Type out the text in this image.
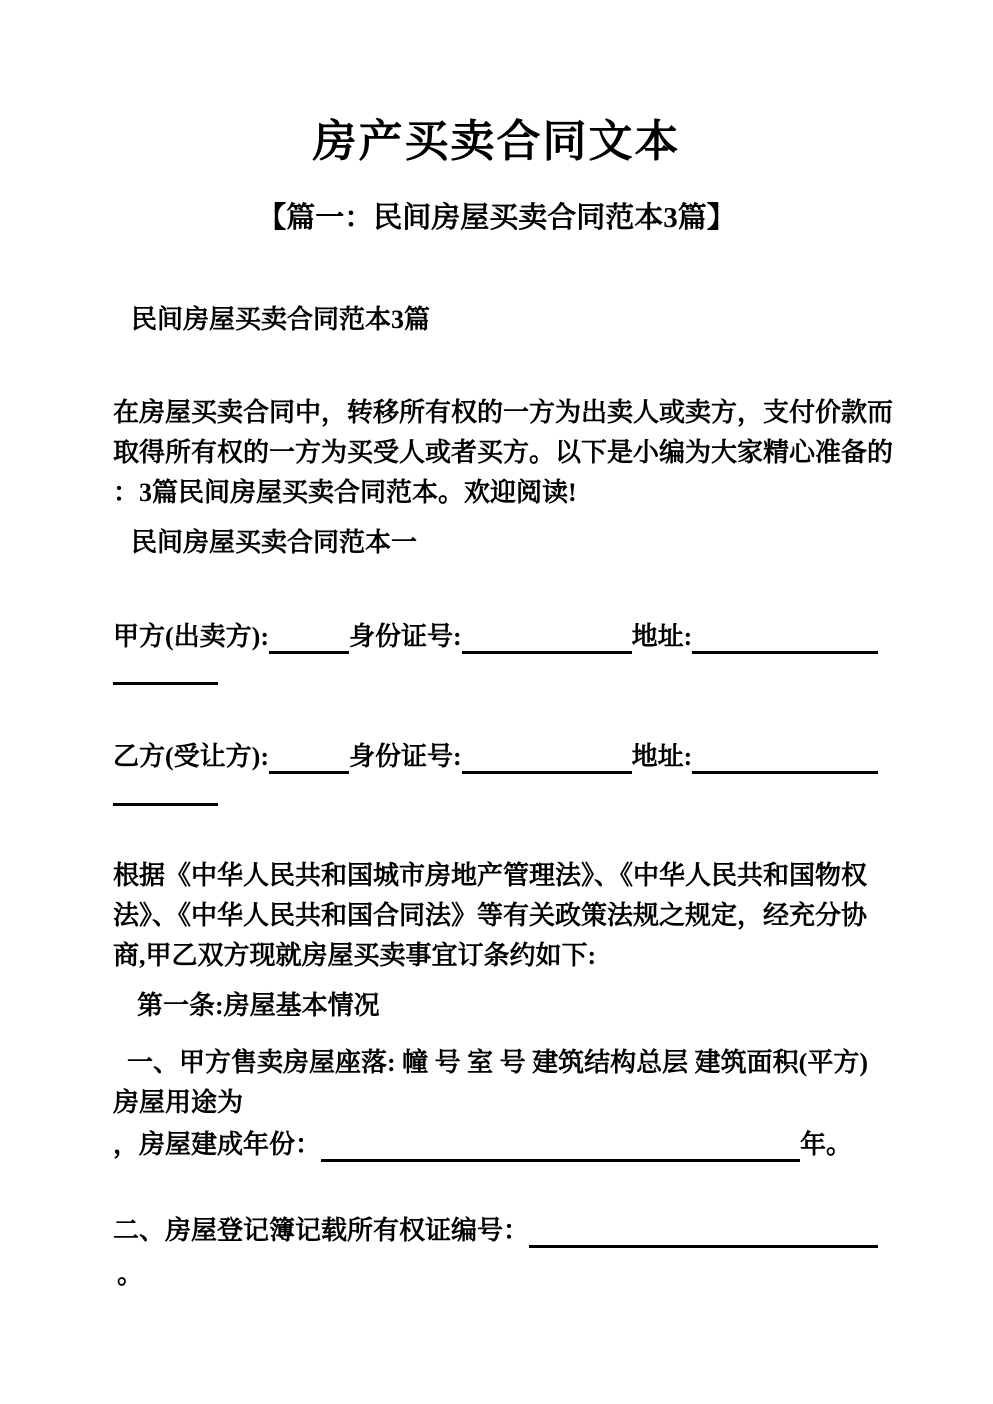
房产买卖合同文本
【篇一：民间房屋买卖合同范本3篇】
民间房屋买卖合同范本3篇
在房屋买卖合同中，转移所有权的一方为出卖人或卖方，支付价款而
取得所有权的一方为买受人或者买方。以下是小编为大家精心准备的
：3篇民间房屋买卖合同范本。欢迎阅读!
民间房屋买卖合同范本一
甲方(出卖方):	身份证号:	地址:
乙方(受让方):	身份证号:	地址:
根据《中华人民共和国城市房地产管理法》、《中华人民共和国物权
法》、《中华人民共和国合同法》等有关政策法规之规定，经充分协
商,甲乙双方现就房屋买卖事宜订条约如下:
第一条:房屋基本情况
一、甲方售卖房屋座落: 幢 号 室 号 建筑结构总层 建筑面积(平方)
房屋用途为
，房屋建成年份：	年。
二、房屋登记簿记载所有权证编号：
。
